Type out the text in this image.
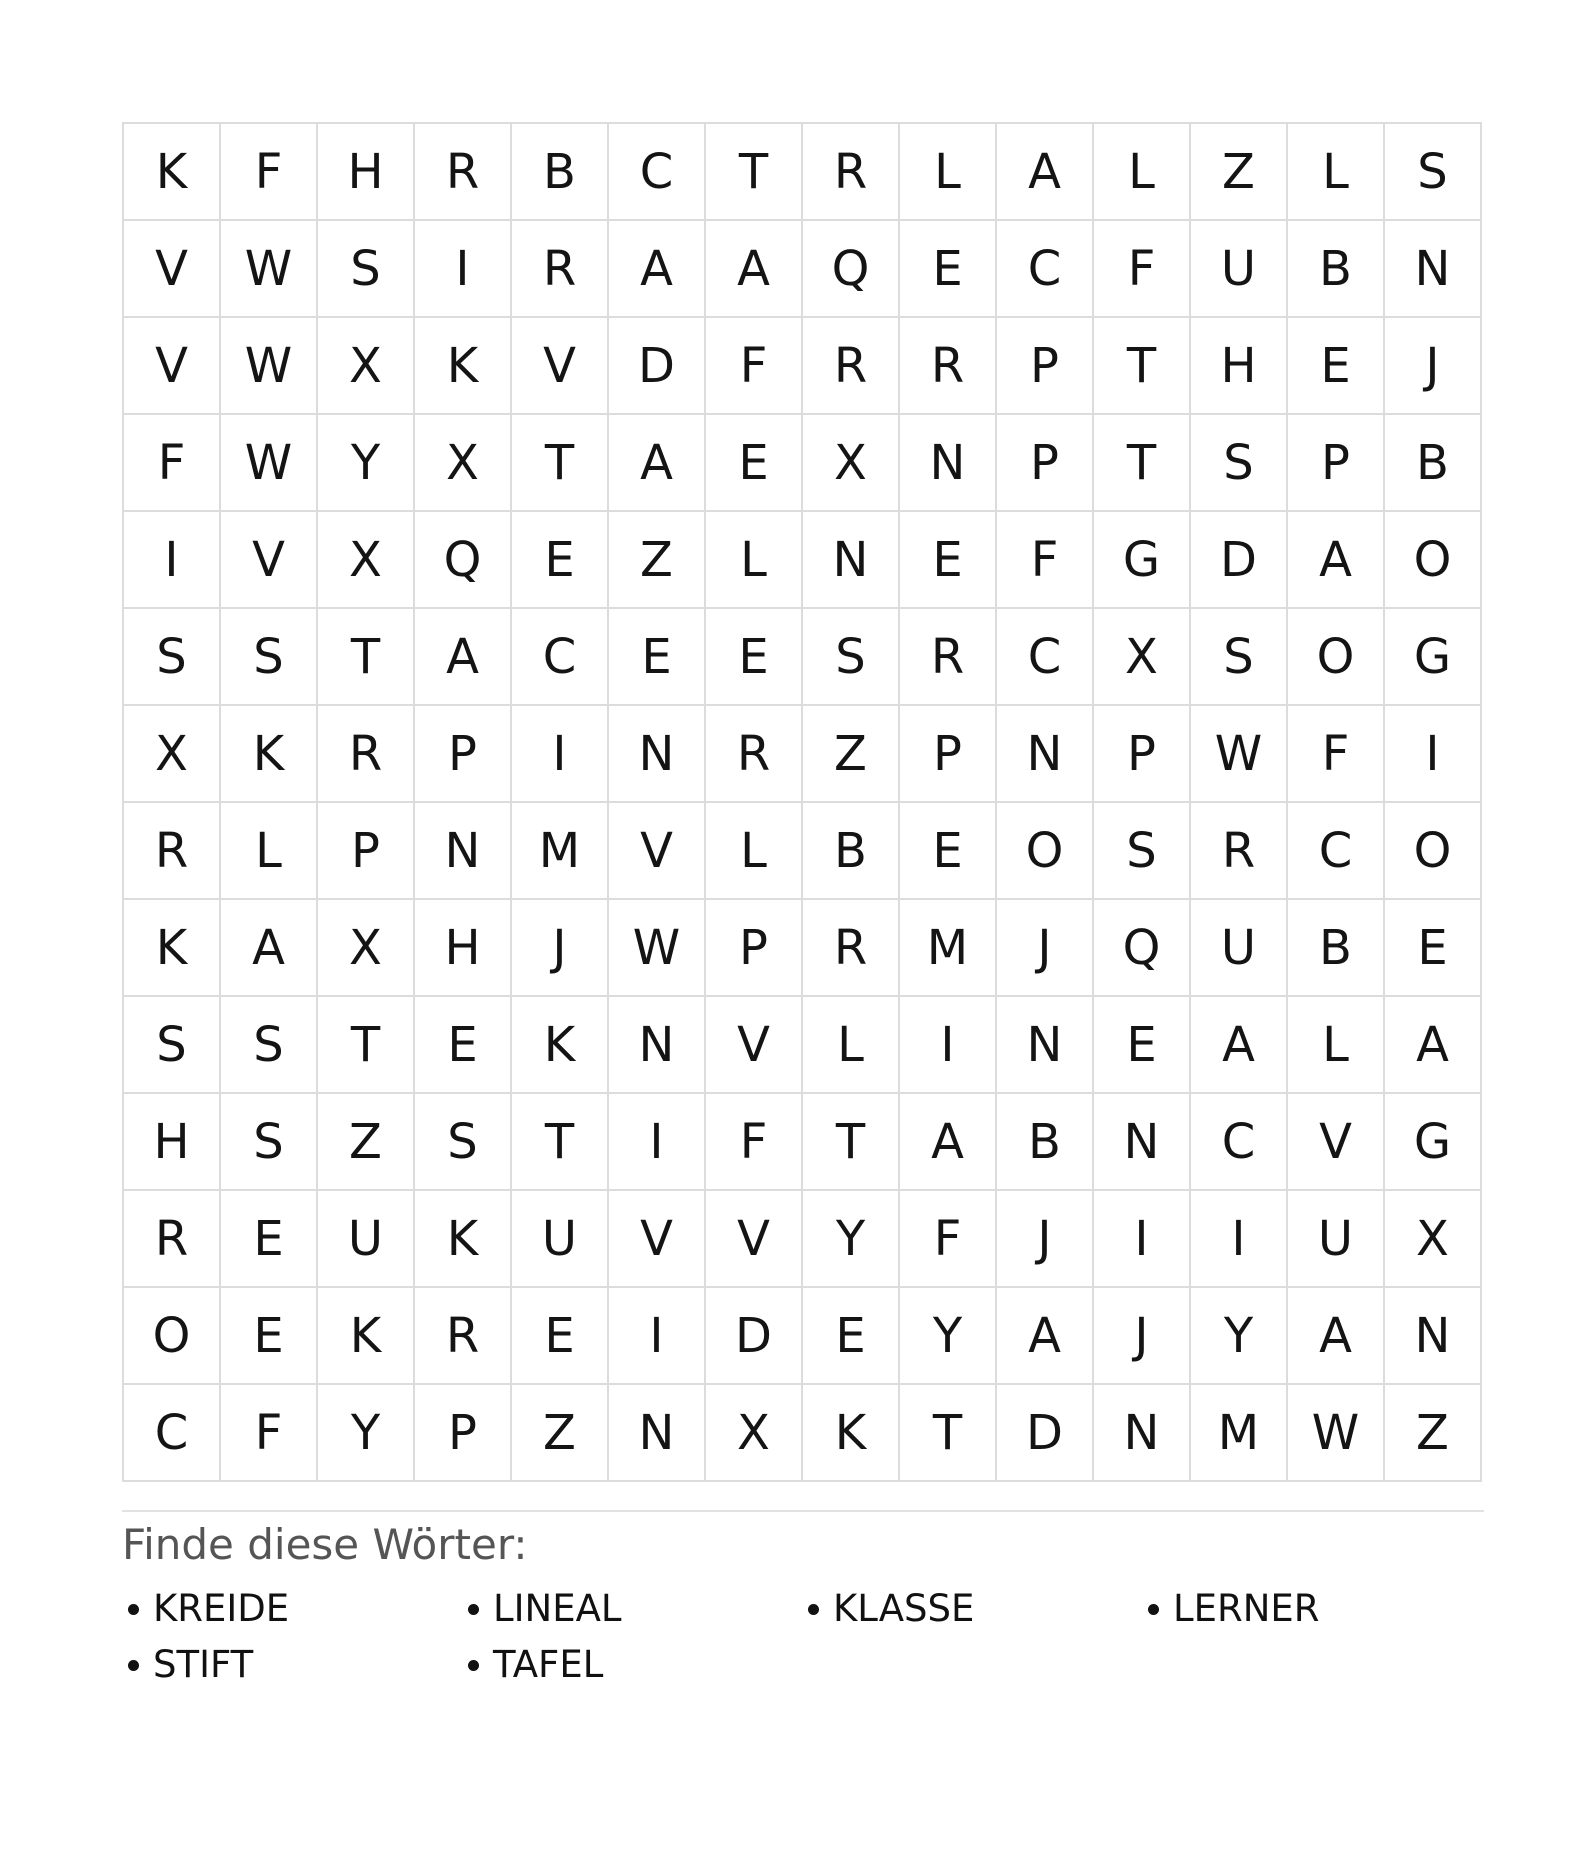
K	F	H	R	B	C	T	R	L	A	L	Z	L	S
V	W	S	I	R	A	A	Q	E	C	F	U	B	N
V	W	X	K	V	D	F	R	R	P	T	H	E	J
F	W	Y	X	T	A	E	X	N	P	T	S	P	B
I	V	X	Q	E	Z	L	N	E	F	G	D	A	O
S	S	T	A	C	E	E	S	R	C	X	S	O	G
X	K	R	P	I	N	R	Z	P	N	P	W	F	I
R	L	P	N	M	V	L	B	E	O	S	R	C	O
K	A	X	H	J	W	P	R	M	J	Q	U	B	E
S	S	T	E	K	N	V	L	I	N	E	A	L	A
H	S	Z	S	T	I	F	T	A	B	N	C	V	G
R	E	U	K	U	V	V	Y	F	J	I	I	U	X
O	E	K	R	E	I	D	E	Y	A	J	Y	A	N
C	F	Y	P	Z	N	X	K	T	D	N	M	W	Z
Finde diese Wörter:
KREIDE	LINEAL	KLASSE	LERNER
STIFT	TAFEL
